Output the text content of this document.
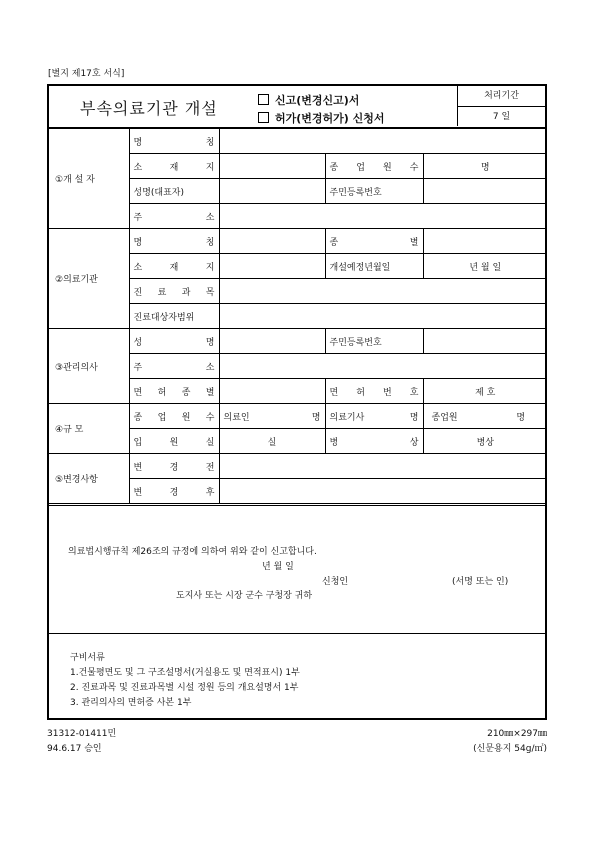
[별지 제17호 서식]
부속의료기관 개설	신고(변경신고)서
허가(변경허가) 신청서
처리기간
7 일
①개 설 자	명 칭			
	소 재 지		종 업 원 수	명
	성명(대표자)		주민등록번호	
	주 소			
②의료기관	명 칭		종 별	
	소 재 지		개설예정년월일	년 월 일
	진 료 과 목			
	진료대상자범위			
③관리의사	성 명		주민등록번호	
	주 소			
	면 허 종 별		면 허 번 호	제 호
④규 모	종 업 원 수	의료인 명	의료기사 명	종업원 명

	입 원 실	실	병 상	병상
⑤변경사항	변 경 전			
	변 경 후			
의료법시행규칙 제26조의 규정에 의하여 위와 같이 신고합니다.
년 월 일
신청인	(서명 또는 인)
도지사 또는 시장 군수 구청장 귀하
구비서류
1.건물평면도 및 그 구조설명서(거실용도 및 면적표시) 1부
2. 진료과목 및 진료과목별 시설 정원 등의 개요설명서 1부
3. 관리의사의 면허증 사본 1부
31312-01411민
94.6.17 승인
210㎜×297㎜
(신문용지 54g/㎡)
